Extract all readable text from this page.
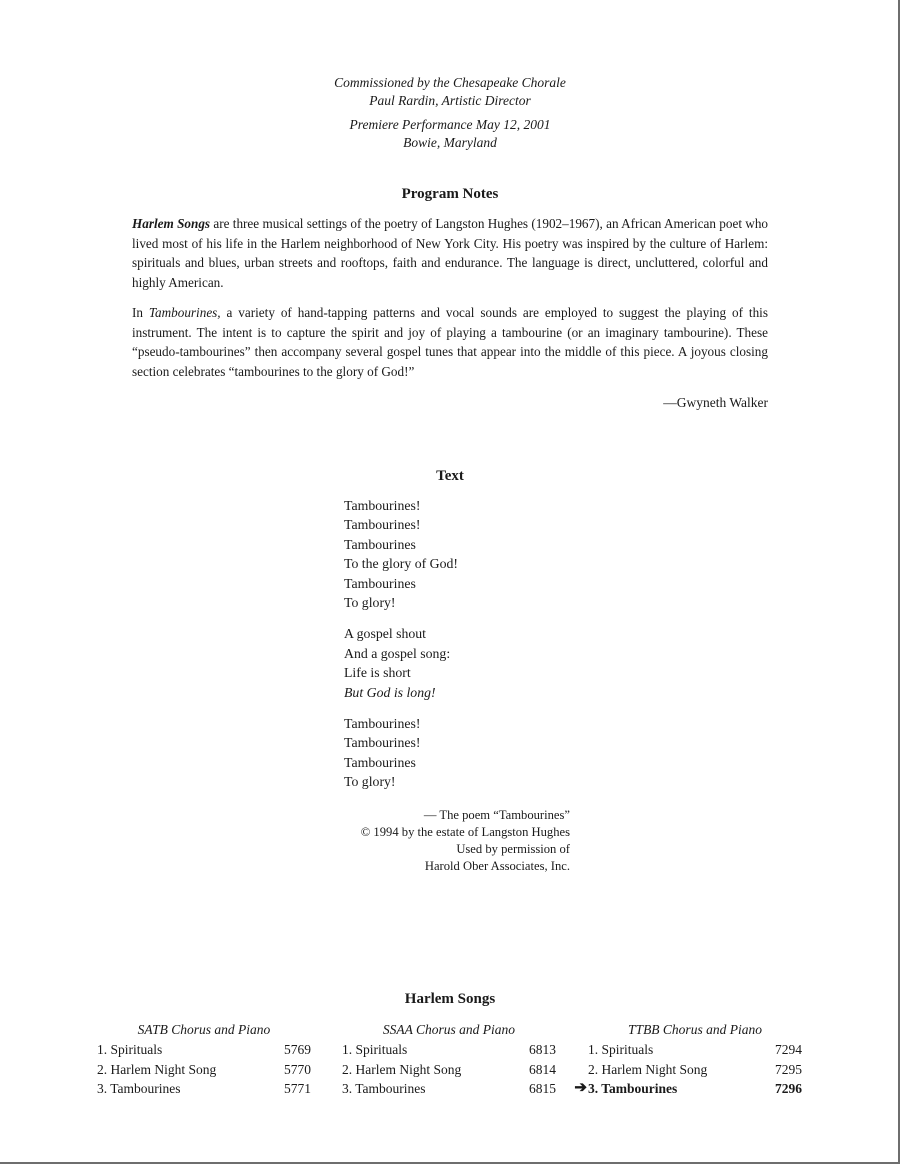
Commissioned by the Chesapeake Chorale
Paul Rardin, Artistic Director
Premiere Performance May 12, 2001
Bowie, Maryland
Program Notes

Harlem Songs are three musical settings of the poetry of Langston Hughes (1902–1967), an African American poet who lived most of his life in the Harlem neighborhood of New York City. His poetry was inspired by the culture of Harlem: spirituals and blues, urban streets and rooftops, faith and endurance. The language is direct, uncluttered, colorful and highly American.

In Tambourines, a variety of hand-tapping patterns and vocal sounds are employed to suggest the playing of this instrument. The intent is to capture the spirit and joy of playing a tambourine (or an imaginary tambourine). These “pseudo-tambourines” then accompany several gospel tunes that appear into the middle of this piece. A joyous closing section celebrates “tambourines to the glory of God!”

—Gwyneth Walker
Text
Tambourines!
Tambourines!
Tambourines
To the glory of God!
Tambourines
To glory!
A gospel shout
And a gospel song:
Life is short
But God is long!
Tambourines!
Tambourines!
Tambourines
To glory!
— The poem “Tambourines”
© 1994 by the estate of Langston Hughes
Used by permission of
Harold Ober Associates, Inc.
Harlem Songs
SATB Chorus and Piano
1. Spirituals	5769
2. Harlem Night Song	5770
3. Tambourines	5771
SSAA Chorus and Piano
1. Spirituals	6813
2. Harlem Night Song	6814
3. Tambourines	6815
TTBB Chorus and Piano
1. Spirituals	7294
2. Harlem Night Song	7295
➔ 3. Tambourines	7296
